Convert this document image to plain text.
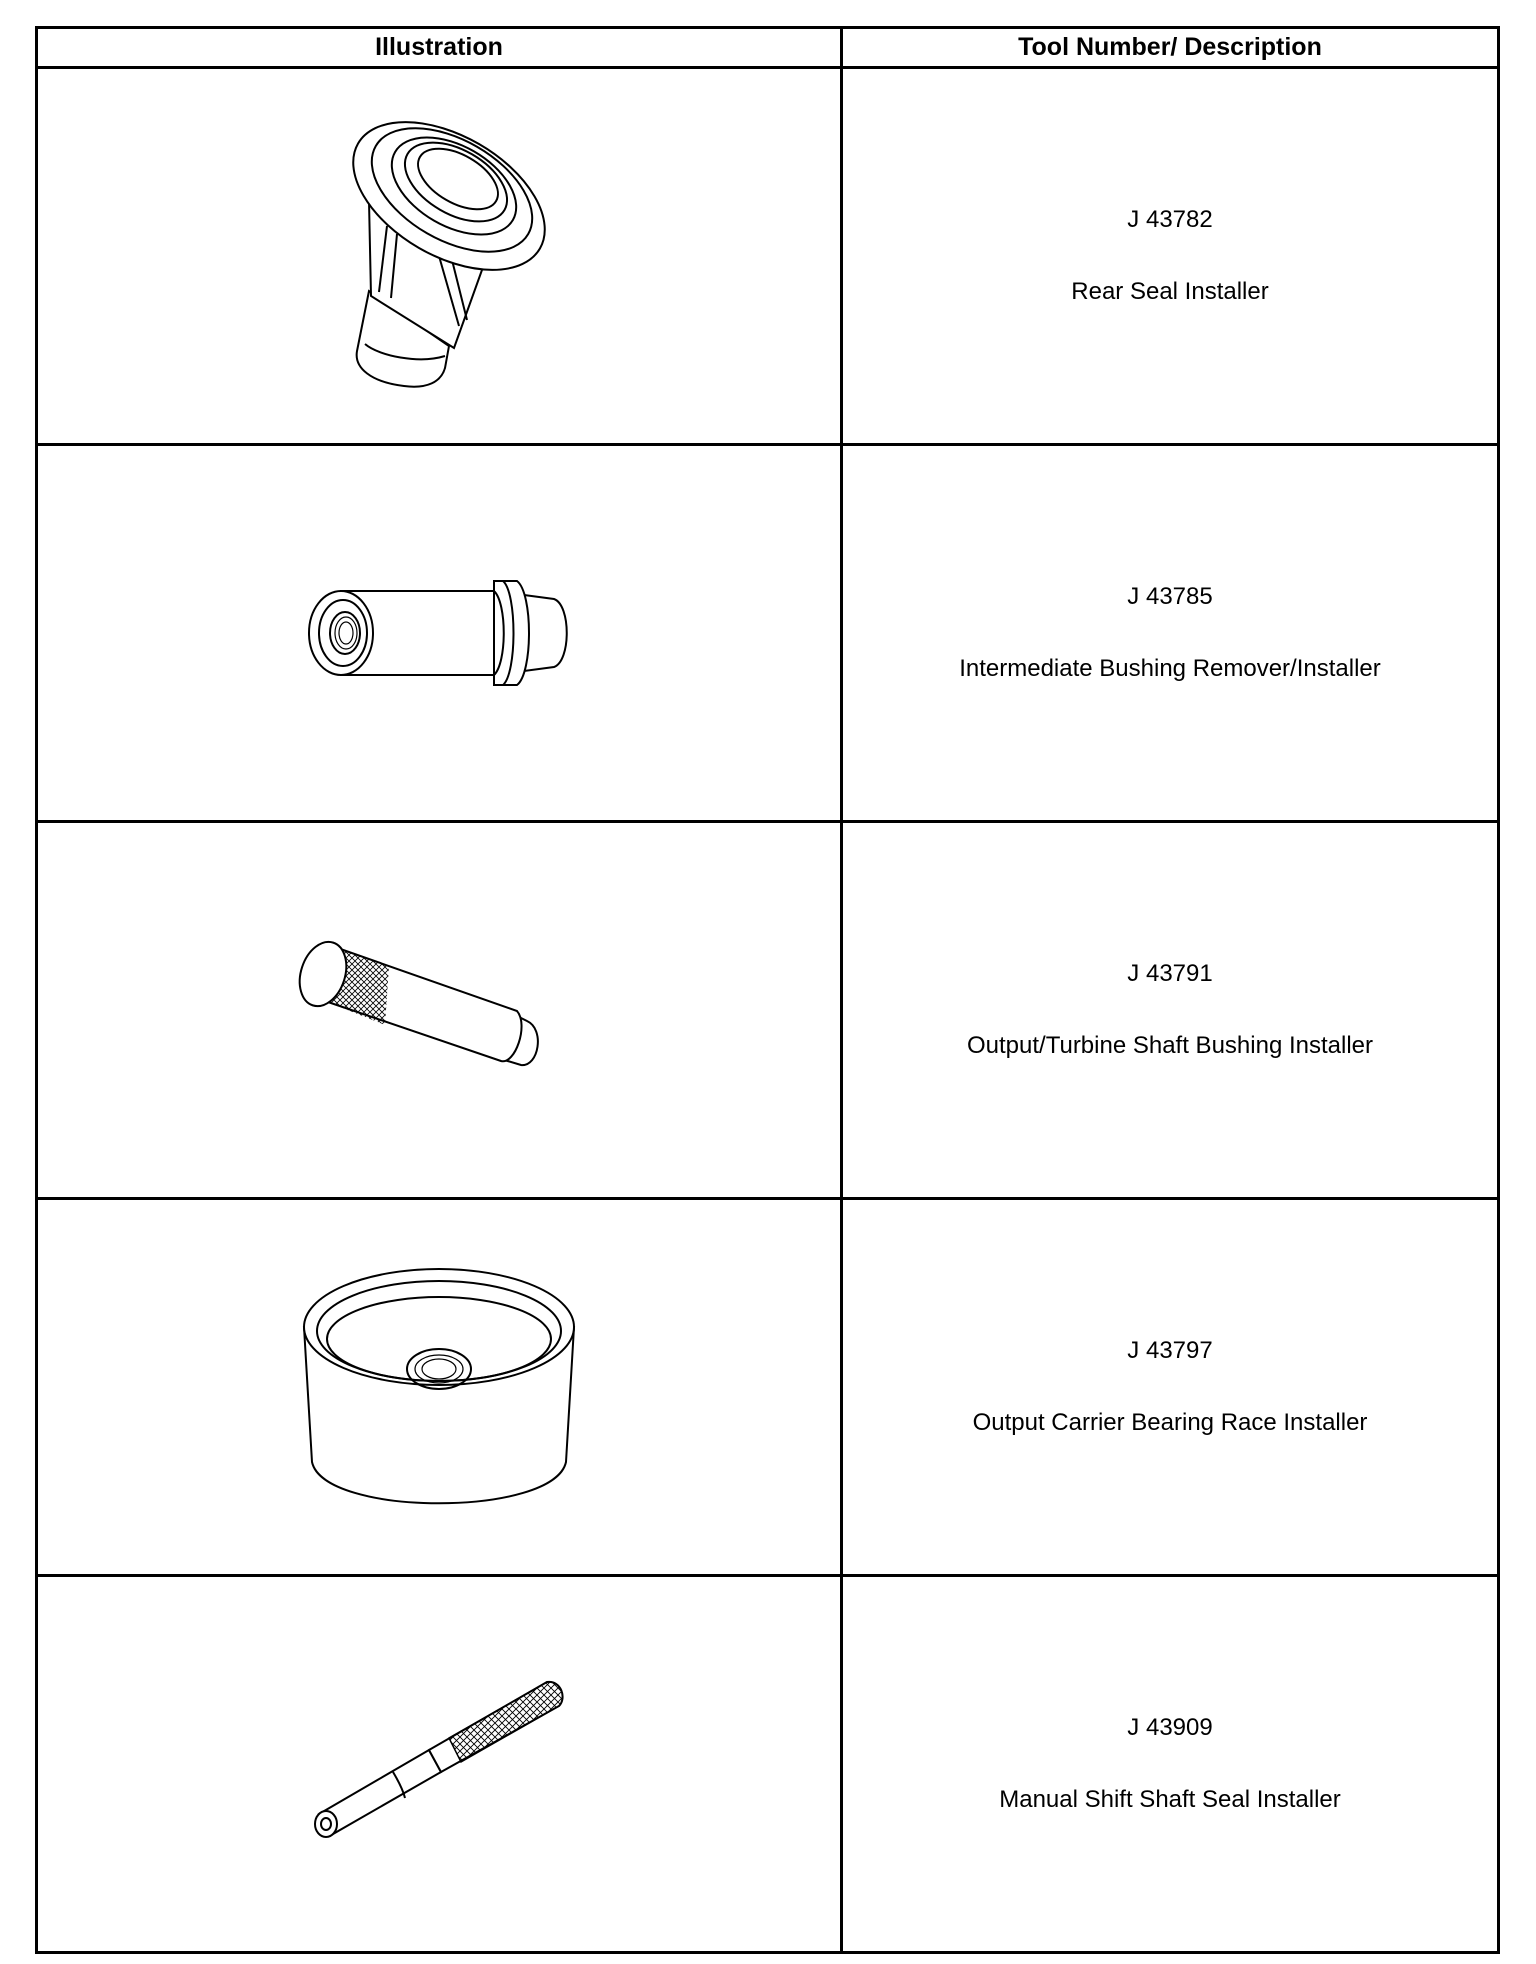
Illustration	Tool Number/ Description

J 43782
Rear Seal Installer

J 43785
Intermediate Bushing Remover/Installer

J 43791
Output/Turbine Shaft Bushing Installer

J 43797
Output Carrier Bearing Race Installer

J 43909
Manual Shift Shaft Seal Installer
